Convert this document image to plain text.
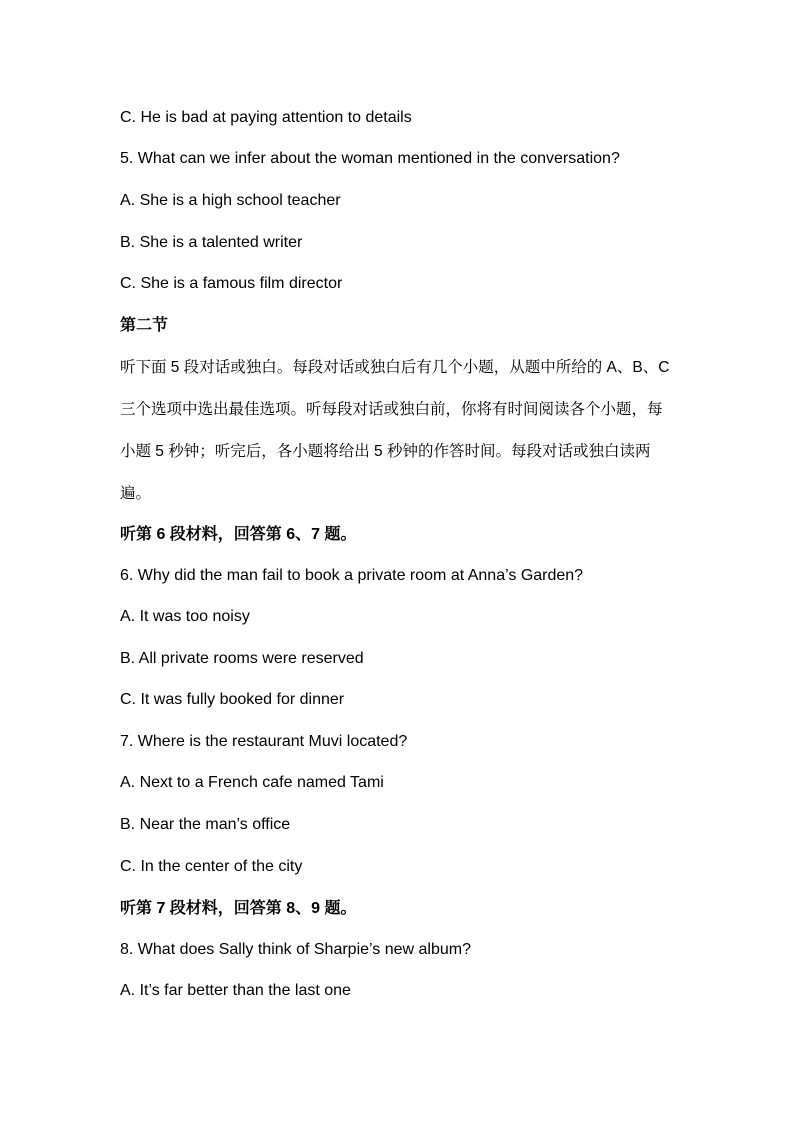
C. He is bad at paying attention to details
5. What can we infer about the woman mentioned in the conversation?
A. She is a high school teacher
B. She is a talented writer
C. She is a famous film director
第二节
听下面 5 段对话或独白。每段对话或独白后有几个小题，从题中所给的 A、B、C
三个选项中选出最佳选项。听每段对话或独白前，你将有时间阅读各个小题，每
小题 5 秒钟；听完后，各小题将给出 5 秒钟的作答时间。每段对话或独白读两
遍。
听第 6 段材料，回答第 6、7 题。
6. Why did the man fail to book a private room at Anna’s Garden?
A. It was too noisy
B. All private rooms were reserved
C. It was fully booked for dinner
7. Where is the restaurant Muvi located?
A. Next to a French cafe named Tami
B. Near the man’s office
C. In the center of the city
听第 7 段材料，回答第 8、9 题。
8. What does Sally think of Sharpie’s new album?
A. It’s far better than the last one
